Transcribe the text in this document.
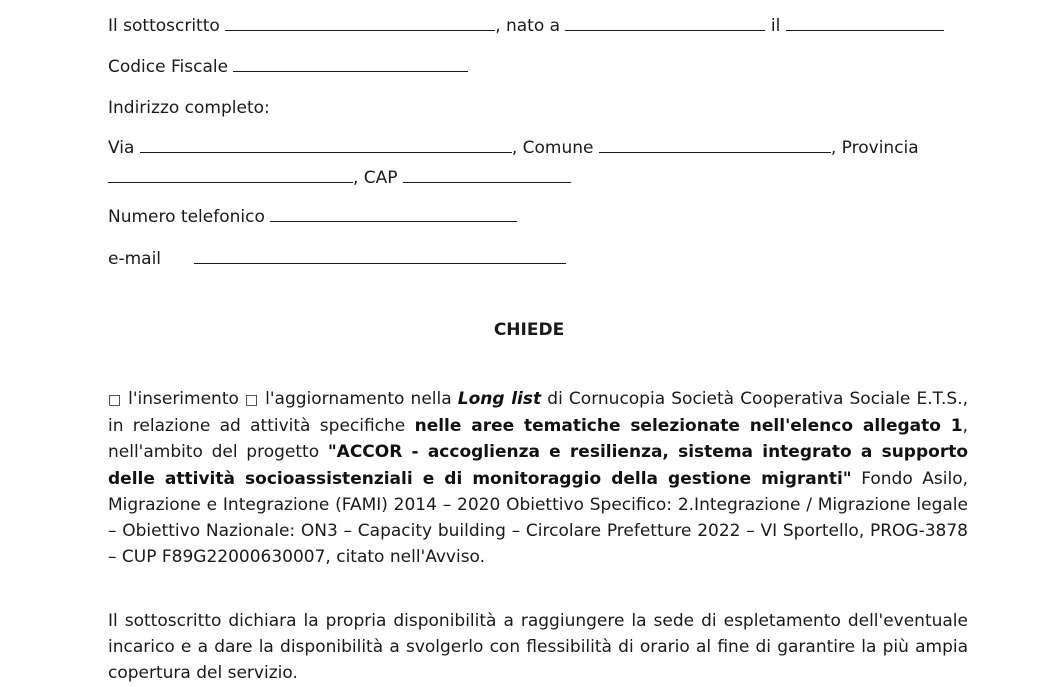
Il sottoscritto	, nato a	il
Codice Fiscale
Indirizzo completo:
Via	, Comune	, Provincia
, CAP
Numero telefonico
e-mail
CHIEDE

□ l'inserimento □ l'aggiornamento nella Long list di Cornucopia Società Cooperativa Sociale E.T.S., in relazione ad attività specifiche nelle aree tematiche selezionate nell'elenco allegato 1, nell'ambito del progetto "ACCOR - accoglienza e resilienza, sistema integrato a supporto delle attività socioassistenziali e di monitoraggio della gestione migranti" Fondo Asilo, Migrazione e Integrazione (FAMI) 2014 – 2020 Obiettivo Specifico: 2.Integrazione / Migrazione legale – Obiettivo Nazionale: ON3 – Capacity building – Circolare Prefetture 2022 – VI Sportello, PROG-3878 – CUP F89G22000630007, citato nell'Avviso.

Il sottoscritto dichiara la propria disponibilità a raggiungere la sede di espletamento dell'eventuale incarico e a dare la disponibilità a svolgerlo con flessibilità di orario al fine di garantire la più ampia copertura del servizio.
